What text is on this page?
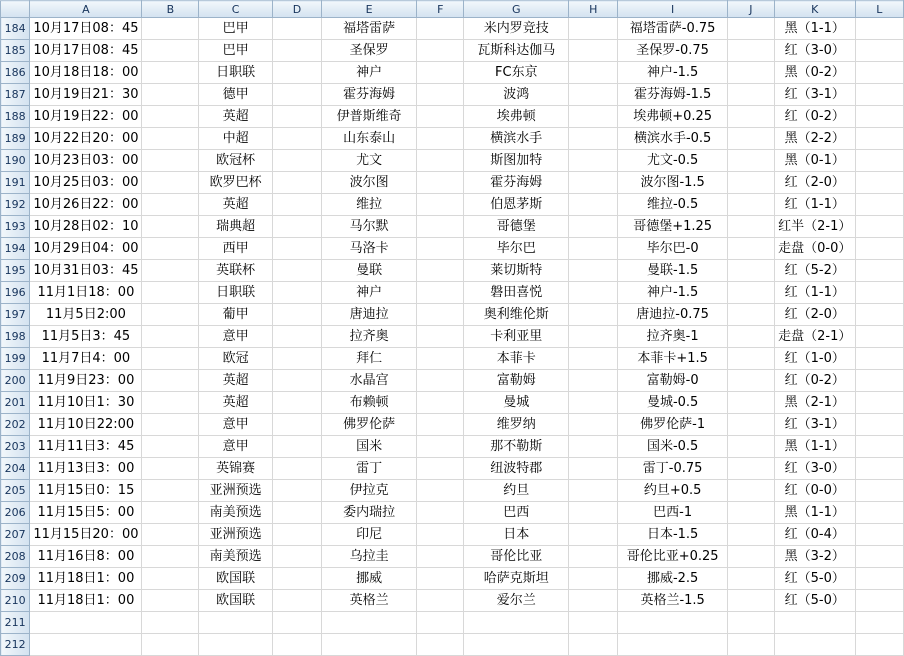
	A	B	C	D	E	F	G	H	I	J	K	L
184	10月17日08：45		巴甲		福塔雷萨		米内罗竞技		福塔雷萨-0.75		黑（1-1）	
185	10月17日08：45		巴甲		圣保罗		瓦斯科达伽马		圣保罗-0.75		红（3-0）	
186	10月18日18：00		日职联		神户		FC东京		神户-1.5		黑（0-2）	
187	10月19日21：30		德甲		霍芬海姆		波鸿		霍芬海姆-1.5		红（3-1）	
188	10月19日22：00		英超		伊普斯维奇		埃弗顿		埃弗顿+0.25		红（0-2）	
189	10月22日20：00		中超		山东泰山		横滨水手		横滨水手-0.5		黑（2-2）	
190	10月23日03：00		欧冠杯		尤文		斯图加特		尤文-0.5		黑（0-1）	
191	10月25日03：00		欧罗巴杯		波尔图		霍芬海姆		波尔图-1.5		红（2-0）	
192	10月26日22：00		英超		维拉		伯恩茅斯		维拉-0.5		红（1-1）	
193	10月28日02：10		瑞典超		马尔默		哥德堡		哥德堡+1.25		红半（2-1）	
194	10月29日04：00		西甲		马洛卡		毕尔巴		毕尔巴-0		走盘（0-0）	
195	10月31日03：45		英联杯		曼联		莱切斯特		曼联-1.5		红（5-2）	
196	11月1日18：00		日职联		神户		磐田喜悦		神户-1.5		红（1-1）	
197	11月5日2:00		葡甲		唐迪拉		奥利维伦斯		唐迪拉-0.75		红（2-0）	
198	11月5日3：45		意甲		拉齐奥		卡利亚里		拉齐奥-1		走盘（2-1）	
199	11月7日4：00		欧冠		拜仁		本菲卡		本菲卡+1.5		红（1-0）	
200	11月9日23：00		英超		水晶宫		富勒姆		富勒姆-0		红（0-2）	
201	11月10日1：30		英超		布赖顿		曼城		曼城-0.5		黑（2-1）	
202	11月10日22:00		意甲		佛罗伦萨		维罗纳		佛罗伦萨-1		红（3-1）	
203	11月11日3：45		意甲		国米		那不勒斯		国米-0.5		黑（1-1）	
204	11月13日3：00		英锦赛		雷丁		纽波特郡		雷丁-0.75		红（3-0）	
205	11月15日0：15		亚洲预选		伊拉克		约旦		约旦+0.5		红（0-0）	
206	11月15日5：00		南美预选		委内瑞拉		巴西		巴西-1		黑（1-1）	
207	11月15日20：00		亚洲预选		印尼		日本		日本-1.5		红（0-4）	
208	11月16日8：00		南美预选		乌拉圭		哥伦比亚		哥伦比亚+0.25		黑（3-2）	
209	11月18日1：00		欧国联		挪威		哈萨克斯坦		挪威-2.5		红（5-0）	
210	11月18日1：00		欧国联		英格兰		爱尔兰		英格兰-1.5		红（5-0）	
211												
212												
